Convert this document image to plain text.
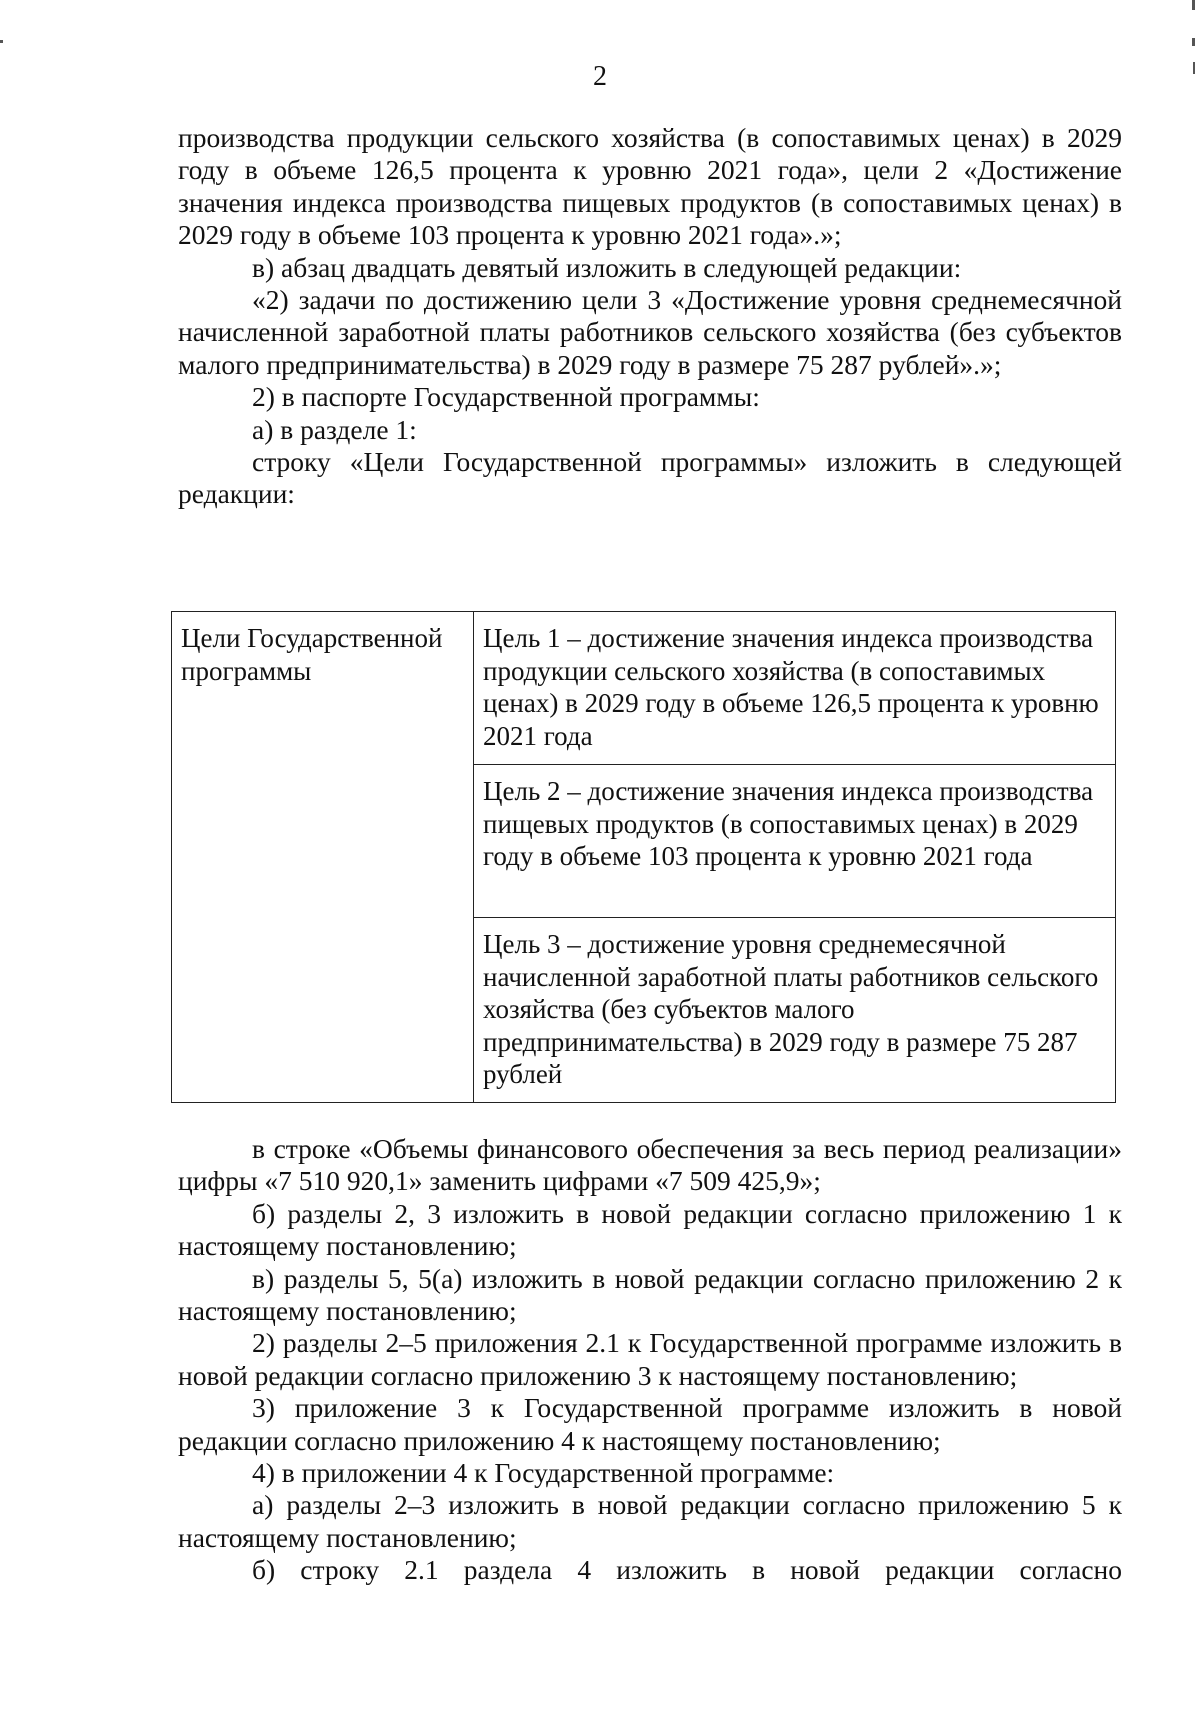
2

производства продукции сельского хозяйства (в сопоставимых ценах) в 2029 году в объеме 126,5 процента к уровню 2021 года», цели 2 «Достижение значения индекса производства пищевых продуктов (в сопоставимых ценах) в 2029 году в объеме 103 процента к уровню 2021 года».»;

в) абзац двадцать девятый изложить в следующей редакции:

«2) задачи по достижению цели 3 «Достижение уровня среднемесячной начисленной заработной платы работников сельского хозяйства (без субъектов малого предпринимательства) в 2029 году в размере 75 287 рублей».»;

2) в паспорте Государственной программы:

а) в разделе 1:

строку «Цели Государственной программы» изложить в следующей редакции:

Цели Государственной программы	Цель 1 – достижение значения индекса производства продукции сельского хозяйства (в сопоставимых ценах) в 2029 году в объеме 126,5 процента к уровню 2021 года
Цель 2 – достижение значения индекса производства пищевых продуктов (в сопоставимых ценах) в 2029 году в объеме 103 процента к уровню 2021 года
Цель 3 – достижение уровня среднемесячной начисленной заработной платы работников сельского хозяйства (без субъектов малого предпринимательства) в 2029 году в размере 75 287 рублей

в строке «Объемы финансового обеспечения за весь период реализации» цифры «7 510 920,1» заменить цифрами «7 509 425,9»;

б) разделы 2, 3 изложить в новой редакции согласно приложению 1 к настоящему постановлению;

в) разделы 5, 5(а) изложить в новой редакции согласно приложению 2 к настоящему постановлению;

2) разделы 2–5 приложения 2.1 к Государственной программе изложить в новой редакции согласно приложению 3 к настоящему постановлению;

3) приложение 3 к Государственной программе изложить в новой редакции согласно приложению 4 к настоящему постановлению;

4) в приложении 4 к Государственной программе:

а) разделы 2–3 изложить в новой редакции согласно приложению 5 к настоящему постановлению;

б) строку 2.1 раздела 4 изложить в новой редакции согласно
